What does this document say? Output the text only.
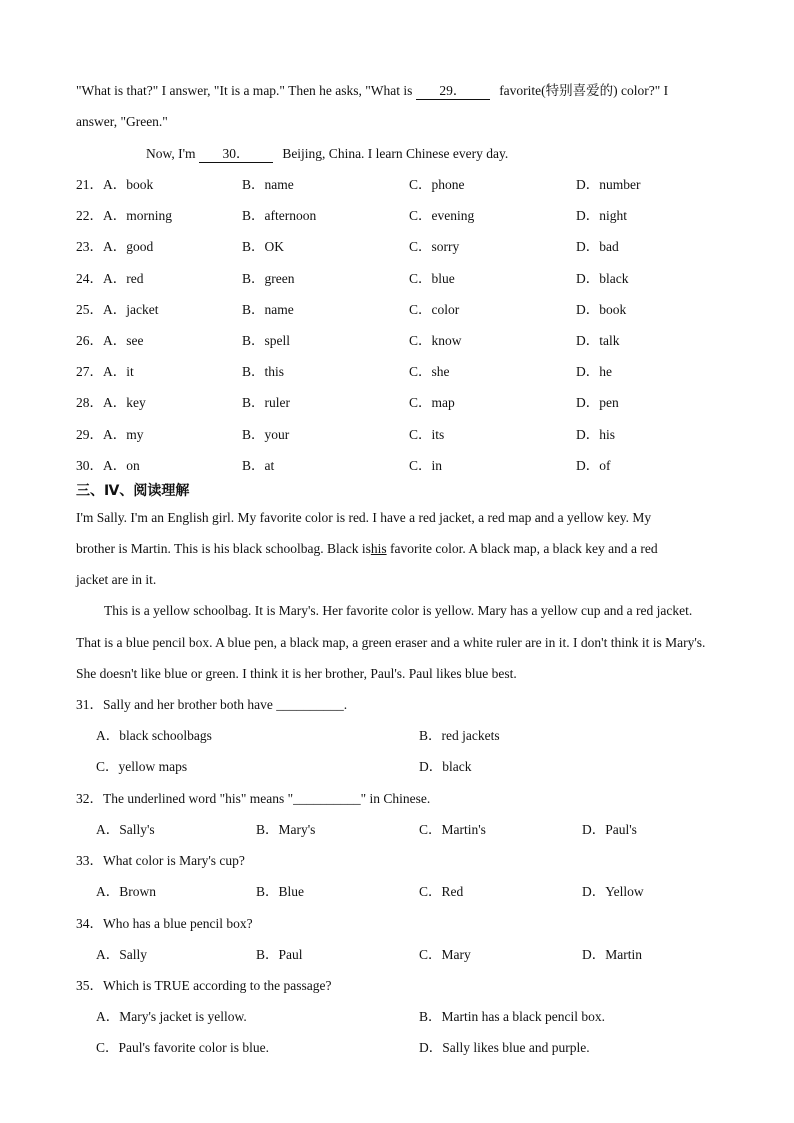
"What is that?" I answer, "It is a map." Then he asks, "What is 29． favorite(特别喜爱的) color?" I
answer, "Green."
Now, I'm 30． Beijing, China. I learn Chinese every day.
21．A．book	B．name	C．phone	D．number
22．A．morning	B．afternoon	C．evening	D．night
23．A．good	B．OK	C．sorry	D．bad
24．A．red	B．green	C．blue	D．black
25．A．jacket	B．name	C．color	D．book
26．A．see	B．spell	C．know	D．talk
27．A．it	B．this	C．she	D．he
28．A．key	B．ruler	C．map	D．pen
29．A．my	B．your	C．its	D．his
30．A．on	B．at	C．in	D．of
三、Ⅳ、阅读理解
I'm Sally. I'm an English girl. My favorite color is red. I have a red jacket, a red map and a yellow key. My
brother is Martin. This is his black schoolbag. Black ishis favorite color. A black map, a black key and a red
jacket are in it.
This is a yellow schoolbag. It is Mary's. Her favorite color is yellow. Mary has a yellow cup and a red jacket.
That is a blue pencil box. A blue pen, a black map, a green eraser and a white ruler are in it. I don't think it is Mary's.
She doesn't like blue or green. I think it is her brother, Paul's. Paul likes blue best.
31．Sally and her brother both have __________.
A．black schoolbags	B．red jackets
C．yellow maps	D．black
32．The underlined word "his" means "__________" in Chinese.
A．Sally's	B．Mary's	C．Martin's	D．Paul's
33．What color is Mary's cup?
A．Brown	B．Blue	C．Red	D．Yellow
34．Who has a blue pencil box?
A．Sally	B．Paul	C．Mary	D．Martin
35．Which is TRUE according to the passage?
A．Mary's jacket is yellow.	B．Martin has a black pencil box.
C．Paul's favorite color is blue.	D．Sally likes blue and purple.
